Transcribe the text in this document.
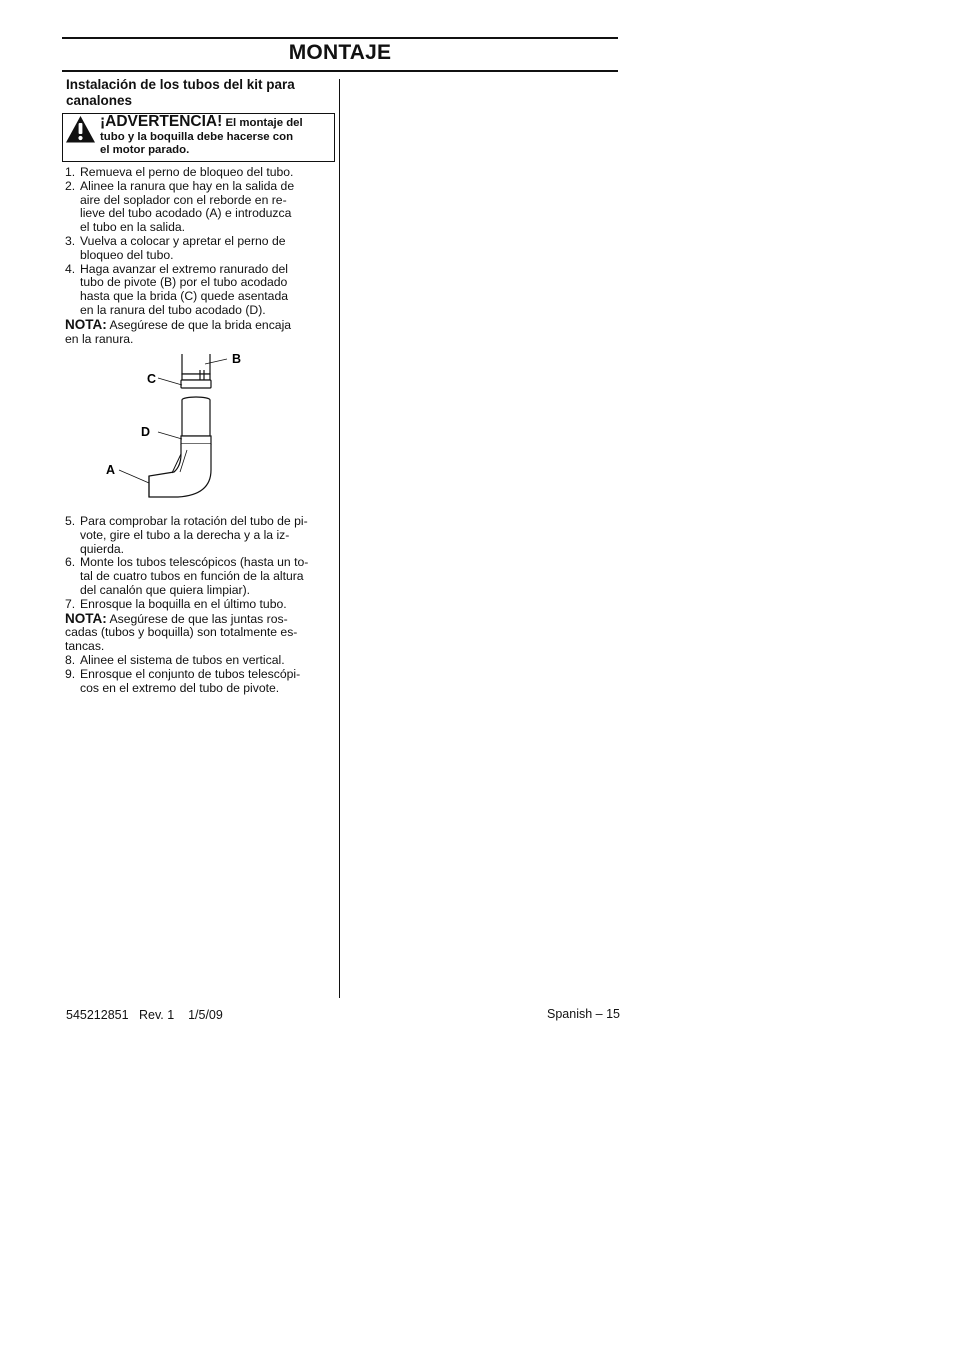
MONTAJE
Instalación de los tubos del kit para canalones
¡ADVERTENCIA! El montaje del
tubo y la boquilla debe hacerse con
el motor parado.
1. Remueva el perno de bloqueo del tubo.
2. Alinee la ranura que hay en la salida de
aire del soplador con el reborde en re-
lieve del tubo acodado (A) e introduzca
el tubo en la salida.
3. Vuelva a colocar y apretar el perno de
bloqueo del tubo.
4. Haga avanzar el extremo ranurado del
tubo de pivote (B) por el tubo acodado
hasta que la brida (C) quede asentada
en la ranura del tubo acodado (D).
NOTA: Asegúrese de que la brida encaja
en la ranura.
B
C
D
A
5. Para comprobar la rotación del tubo de pi-
vote, gire el tubo a la derecha y a la iz-
quierda.
6. Monte los tubos telescópicos (hasta un to-
tal de cuatro tubos en función de la altura
del canalón que quiera limpiar).
7. Enrosque la boquilla en el último tubo.
NOTA: Asegúrese de que las juntas ros-
cadas (tubos y boquilla) son totalmente es-
tancas.
8. Alinee el sistema de tubos en vertical.
9. Enrosque el conjunto de tubos telescópi-
cos en el extremo del tubo de pivote.
545212851   Rev. 1    1/5/09	Spanish – 15
